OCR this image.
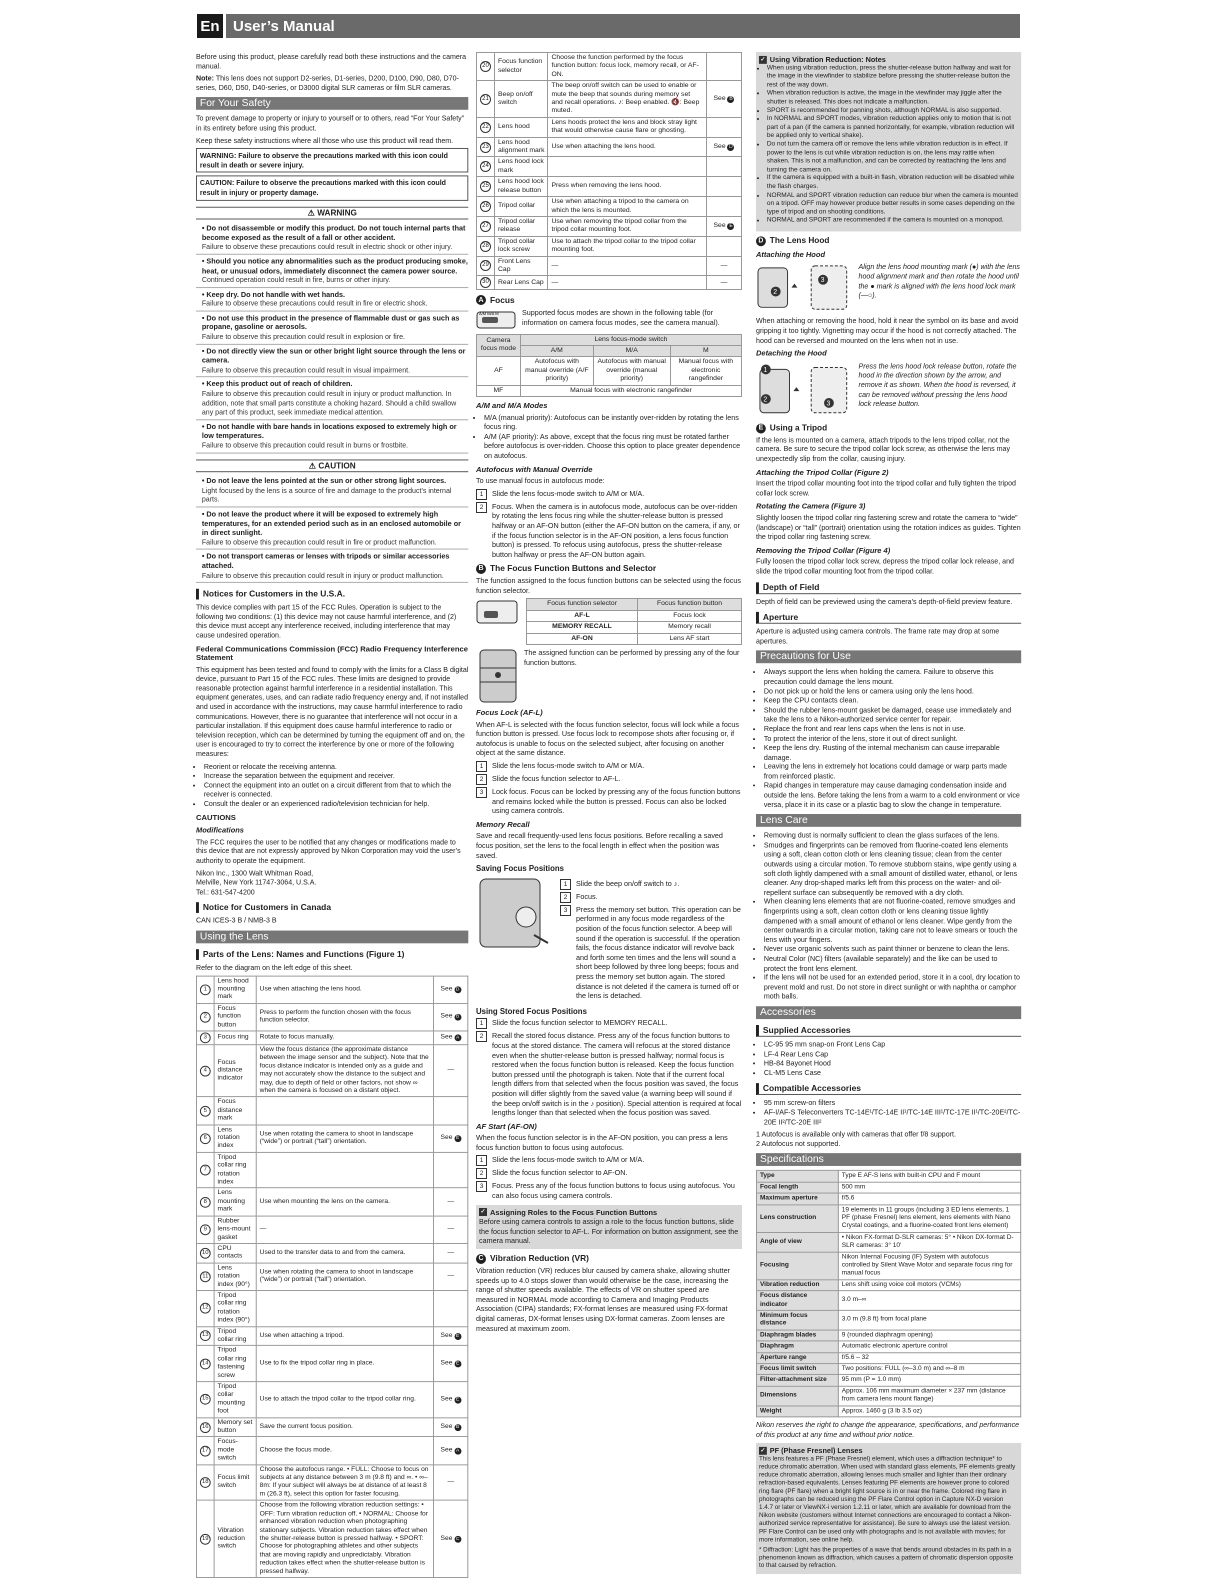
En User’s Manual

Before using this product, please carefully read both these instructions and the camera manual.

Note: This lens does not support D2-series, D1-series, D200, D100, D90, D80, D70-series, D60, D50, D40-series, or D3000 digital SLR cameras or film SLR cameras.

For Your Safety

To prevent damage to property or injury to yourself or to others, read “For Your Safety” in its entirety before using this product.

Keep these safety instructions where all those who use this product will read them.

WARNING: Failure to observe the precautions marked with this icon could result in death or severe injury.
CAUTION: Failure to observe the precautions marked with this icon could result in injury or property damage.
⚠ WARNING
• Do not disassemble or modify this product. Do not touch internal parts that become exposed as the result of a fall or other accident.
Failure to observe these precautions could result in electric shock or other injury.
• Should you notice any abnormalities such as the product producing smoke, heat, or unusual odors, immediately disconnect the camera power source.
Continued operation could result in fire, burns or other injury.
• Keep dry. Do not handle with wet hands.
Failure to observe these precautions could result in fire or electric shock.
• Do not use this product in the presence of flammable dust or gas such as propane, gasoline or aerosols.
Failure to observe this precaution could result in explosion or fire.
• Do not directly view the sun or other bright light source through the lens or camera.
Failure to observe this precaution could result in visual impairment.
• Keep this product out of reach of children.
Failure to observe this precaution could result in injury or product malfunction. In addition, note that small parts constitute a choking hazard. Should a child swallow any part of this product, seek immediate medical attention.
• Do not handle with bare hands in locations exposed to extremely high or low temperatures.
Failure to observe this precaution could result in burns or frostbite.
⚠ CAUTION
• Do not leave the lens pointed at the sun or other strong light sources.
Light focused by the lens is a source of fire and damage to the product’s internal parts.
• Do not leave the product where it will be exposed to extremely high temperatures, for an extended period such as in an enclosed automobile or in direct sunlight.
Failure to observe this precaution could result in fire or product malfunction.
• Do not transport cameras or lenses with tripods or similar accessories attached.
Failure to observe this precaution could result in injury or product malfunction.
Notices for Customers in the U.S.A.

This device complies with part 15 of the FCC Rules. Operation is subject to the following two conditions: (1) this device may not cause harmful interference, and (2) this device must accept any interference received, including interference that may cause undesired operation.

Federal Communications Commission (FCC) Radio Frequency Interference Statement

This equipment has been tested and found to comply with the limits for a Class B digital device, pursuant to Part 15 of the FCC rules. These limits are designed to provide reasonable protection against harmful interference in a residential installation. This equipment generates, uses, and can radiate radio frequency energy and, if not installed and used in accordance with the instructions, may cause harmful interference to radio communications. However, there is no guarantee that interference will not occur in a particular installation. If this equipment does cause harmful interference to radio or television reception, which can be determined by turning the equipment off and on, the user is encouraged to try to correct the interference by one or more of the following measures:

• Reorient or relocate the receiving antenna.
• Increase the separation between the equipment and receiver.
• Connect the equipment into an outlet on a circuit different from that to which the receiver is connected.
• Consult the dealer or an experienced radio/television technician for help.
CAUTIONS
Modifications

The FCC requires the user to be notified that any changes or modifications made to this device that are not expressly approved by Nikon Corporation may void the user’s authority to operate the equipment.

Nikon Inc., 1300 Walt Whitman Road,
Melville, New York 11747-3064, U.S.A.
Tel.: 631-547-4200

Notice for Customers in Canada

CAN ICES-3 B / NMB-3 B

Using the Lens
Parts of the Lens: Names and Functions (Figure 1)

Refer to the diagram on the left edge of this sheet.

1	Lens hood mounting mark	Use when attaching the lens hood.	See D
2	Focus function button	Press to perform the function chosen with the focus function selector.	See B
3	Focus ring	Rotate to focus manually.	See A
4	Focus distance indicator	View the focus distance (the approximate distance between the image sensor and the subject). Note that the focus distance indicator is intended only as a guide and may not accurately show the distance to the subject and may, due to depth of field or other factors, not show ∞ when the camera is focused on a distant object.	—
5	Focus distance mark		
6	Lens rotation index	Use when rotating the camera to shoot in landscape (“wide”) or portrait (“tall”) orientation.	See E
7	Tripod collar ring rotation index		
8	Lens mounting mark	Use when mounting the lens on the camera.	—
9	Rubber lens-mount gasket	—	—
10	CPU contacts	Used to the transfer data to and from the camera.	—
11	Lens rotation index (90°)	Use when rotating the camera to shoot in landscape (“wide”) or portrait (“tall”) orientation.	—
12	Tripod collar ring rotation index (90°)		
13	Tripod collar ring	Use when attaching a tripod.	See E
14	Tripod collar ring fastening screw	Use to fix the tripod collar ring in place.	See E
15	Tripod collar mounting foot	Use to attach the tripod collar to the tripod collar ring.	See E
16	Memory set button	Save the current focus position.	See B
17	Focus-mode switch	Choose the focus mode.	See A
18	Focus limit switch	Choose the autofocus range. • FULL: Choose to focus on subjects at any distance between 3 m (9.8 ft) and ∞. • ∞–8m: If your subject will always be at distance of at least 8 m (26.3 ft), select this option for faster focusing.	—
19	Vibration reduction switch	Choose from the following vibration reduction settings: • OFF: Turn vibration reduction off. • NORMAL: Choose for enhanced vibration reduction when photographing stationary subjects. Vibration reduction takes effect when the shutter-release button is pressed halfway. • SPORT: Choose for photographing athletes and other subjects that are moving rapidly and unpredictably. Vibration reduction takes effect when the shutter-release button is pressed halfway.	See C
20	Focus function selector	Choose the function performed by the focus function button: focus lock, memory recall, or AF-ON.	
21	Beep on/off switch	The beep on/off switch can be used to enable or mute the beep that sounds during memory set and recall operations. ♪: Beep enabled. 🔇: Beep muted.	See B
22	Lens hood	Lens hoods protect the lens and block stray light that would otherwise cause flare or ghosting.	
23	Lens hood alignment mark	Use when attaching the lens hood.	See D
24	Lens hood lock mark		
25	Lens hood lock release button	Press when removing the lens hood.	
26	Tripod collar	Use when attaching a tripod to the camera on which the lens is mounted.	
27	Tripod collar release	Use when removing the tripod collar from the tripod collar mounting foot.	See E
28	Tripod collar lock screw	Use to attach the tripod collar to the tripod collar mounting foot.	
29	Front Lens Cap	—	—
30	Rear Lens Cap	—	—
A Focus
A/M M/A M	Supported focus modes are shown in the following table (for information on camera focus modes, see the camera manual).

Camera focus mode	Lens focus-mode switch		
	A/M	M/A	M
AF	Autofocus with manual override (A/F priority)	Autofocus with manual override (manual priority)	Manual focus with electronic rangefinder
MF	Manual focus with electronic rangefinder		
A/M and M/A Modes
• M/A (manual priority): Autofocus can be instantly over-ridden by rotating the lens focus ring.
• A/M (AF priority): As above, except that the focus ring must be rotated farther before autofocus is over-ridden. Choose this option to place greater dependence on autofocus.
Autofocus with Manual Override

To use manual focus in autofocus mode:

1	Slide the lens focus-mode switch to A/M or M/A.
2	Focus. When the camera is in autofocus mode, autofocus can be over-ridden by rotating the lens focus ring while the shutter-release button is pressed halfway or an AF-ON button (either the AF-ON button on the camera, if any, or if the focus function selector is in the AF-ON position, a lens focus function button) is pressed. To refocus using autofocus, press the shutter-release button halfway or press the AF-ON button again.
B The Focus Function Buttons and Selector

The function assigned to the focus function buttons can be selected using the focus function selector.

Focus function selector	Focus function button
AF-L	Focus lock
MEMORY RECALL	Memory recall
AF-ON	Lens AF start

The assigned function can be performed by pressing any of the four function buttons.

Focus Lock (AF-L)

When AF-L is selected with the focus function selector, focus will lock while a focus function button is pressed. Use focus lock to recompose shots after focusing or, if autofocus is unable to focus on the selected subject, after focusing on another object at the same distance.

1	Slide the lens focus-mode switch to A/M or M/A.
2	Slide the focus function selector to AF-L.
3	Lock focus. Focus can be locked by pressing any of the focus function buttons and remains locked while the button is pressed. Focus can also be locked using camera controls.
Memory Recall

Save and recall frequently-used lens focus positions. Before recalling a saved focus position, set the lens to the focal length in effect when the position was saved.

Saving Focus Positions
1	Slide the beep on/off switch to ♪.
2	Focus.
3	Press the memory set button. This operation can be performed in any focus mode regardless of the position of the focus function selector. A beep will sound if the operation is successful. If the operation fails, the focus distance indicator will revolve back and forth some ten times and the lens will sound a short beep followed by three long beeps; focus and press the memory set button again. The stored distance is not deleted if the camera is turned off or the lens is detached.
Using Stored Focus Positions
1	Slide the focus function selector to MEMORY RECALL.
2	Recall the stored focus distance. Press any of the focus function buttons to focus at the stored distance. The camera will refocus at the stored distance even when the shutter-release button is pressed halfway; normal focus is restored when the focus function button is released. Keep the focus function button pressed until the photograph is taken. Note that if the current focal length differs from that selected when the focus position was saved, the focus position will differ slightly from the saved value (a warning beep will sound if the beep on/off switch is in the ♪ position). Special attention is required at focal lengths longer than that selected when the focus position was saved.
AF Start (AF-ON)

When the focus function selector is in the AF-ON position, you can press a lens focus function button to focus using autofocus.

1	Slide the lens focus-mode switch to A/M or M/A.
2	Slide the focus function selector to AF-ON.
3	Focus. Press any of the focus function buttons to focus using autofocus. You can also focus using camera controls.
✓ Assigning Roles to the Focus Function Buttons
Before using camera controls to assign a role to the focus function buttons, slide the focus function selector to AF-L. For information on button assignment, see the camera manual.
C Vibration Reduction (VR)

Vibration reduction (VR) reduces blur caused by camera shake, allowing shutter speeds up to 4.0 stops slower than would otherwise be the case, increasing the range of shutter speeds available. The effects of VR on shutter speed are measured in NORMAL mode according to Camera and Imaging Products Association (CIPA) standards; FX-format lenses are measured using FX-format digital cameras, DX-format lenses using DX-format cameras. Zoom lenses are measured at maximum zoom.

✓ Using Vibration Reduction: Notes
• When using vibration reduction, press the shutter-release button halfway and wait for the image in the viewfinder to stabilize before pressing the shutter-release button the rest of the way down.
• When vibration reduction is active, the image in the viewfinder may jiggle after the shutter is released. This does not indicate a malfunction.
• SPORT is recommended for panning shots, although NORMAL is also supported.
• In NORMAL and SPORT modes, vibration reduction applies only to motion that is not part of a pan (if the camera is panned horizontally, for example, vibration reduction will be applied only to vertical shake).
• Do not turn the camera off or remove the lens while vibration reduction is in effect. If power to the lens is cut while vibration reduction is on, the lens may rattle when shaken. This is not a malfunction, and can be corrected by reattaching the lens and turning the camera on.
• If the camera is equipped with a built-in flash, vibration reduction will be disabled while the flash charges.
• NORMAL and SPORT vibration reduction can reduce blur when the camera is mounted on a tripod. OFF may however produce better results in some cases depending on the type of tripod and on shooting conditions.
• NORMAL and SPORT are recommended if the camera is mounted on a monopod.
D The Lens Hood
Attaching the Hood
2
3

Align the lens hood mounting mark (●) with the lens hood alignment mark and then rotate the hood until the ● mark is aligned with the lens hood lock mark (—○).

When attaching or removing the hood, hold it near the symbol on its base and avoid gripping it too tightly. Vignetting may occur if the hood is not correctly attached. The hood can be reversed and mounted on the lens when not in use.

Detaching the Hood
1
2
3

Press the lens hood lock release button, rotate the hood in the direction shown by the arrow, and remove it as shown. When the hood is reversed, it can be removed without pressing the lens hood lock release button.

E Using a Tripod

If the lens is mounted on a camera, attach tripods to the lens tripod collar, not the camera. Be sure to secure the tripod collar lock screw, as otherwise the lens may unexpectedly slip from the collar, causing injury.

Attaching the Tripod Collar (Figure 2)

Insert the tripod collar mounting foot into the tripod collar and fully tighten the tripod collar lock screw.

Rotating the Camera (Figure 3)

Slightly loosen the tripod collar ring fastening screw and rotate the camera to “wide” (landscape) or “tall” (portrait) orientation using the rotation indices as guides. Tighten the tripod collar ring fastening screw.

Removing the Tripod Collar (Figure 4)

Fully loosen the tripod collar lock screw, depress the tripod collar lock release, and slide the tripod collar mounting foot from the tripod collar.

Depth of Field

Depth of field can be previewed using the camera’s depth-of-field preview feature.

Aperture

Aperture is adjusted using camera controls. The frame rate may drop at some apertures.

Precautions for Use
• Always support the lens when holding the camera. Failure to observe this precaution could damage the lens mount.
• Do not pick up or hold the lens or camera using only the lens hood.
• Keep the CPU contacts clean.
• Should the rubber lens-mount gasket be damaged, cease use immediately and take the lens to a Nikon-authorized service center for repair.
• Replace the front and rear lens caps when the lens is not in use.
• To protect the interior of the lens, store it out of direct sunlight.
• Keep the lens dry. Rusting of the internal mechanism can cause irreparable damage.
• Leaving the lens in extremely hot locations could damage or warp parts made from reinforced plastic.
• Rapid changes in temperature may cause damaging condensation inside and outside the lens. Before taking the lens from a warm to a cold environment or vice versa, place it in its case or a plastic bag to slow the change in temperature.
Lens Care
• Removing dust is normally sufficient to clean the glass surfaces of the lens.
• Smudges and fingerprints can be removed from fluorine-coated lens elements using a soft, clean cotton cloth or lens cleaning tissue; clean from the center outwards using a circular motion. To remove stubborn stains, wipe gently using a soft cloth lightly dampened with a small amount of distilled water, ethanol, or lens cleaner. Any drop-shaped marks left from this process on the water- and oil-repellent surface can subsequently be removed with a dry cloth.
• When cleaning lens elements that are not fluorine-coated, remove smudges and fingerprints using a soft, clean cotton cloth or lens cleaning tissue lightly dampened with a small amount of ethanol or lens cleaner. Wipe gently from the center outwards in a circular motion, taking care not to leave smears or touch the lens with your fingers.
• Never use organic solvents such as paint thinner or benzene to clean the lens.
• Neutral Color (NC) filters (available separately) and the like can be used to protect the front lens element.
• If the lens will not be used for an extended period, store it in a cool, dry location to prevent mold and rust. Do not store in direct sunlight or with naphtha or camphor moth balls.
Accessories
Supplied Accessories
• LC-95 95 mm snap-on Front Lens Cap
• LF-4 Rear Lens Cap
• HB-84 Bayonet Hood
• CL-M5 Lens Case
Compatible Accessories
• 95 mm screw-on filters
• AF-I/AF-S Teleconverters TC-14E¹/TC-14E II¹/TC-14E III¹/TC-17E II¹/TC-20E²/TC-20E II²/TC-20E III²

1 Autofocus is available only with cameras that offer f/8 support.

2 Autofocus not supported.

Specifications
Type	Type E AF-S lens with built-in CPU and F mount
Focal length	500 mm
Maximum aperture	f/5.6
Lens construction	19 elements in 11 groups (including 3 ED lens elements, 1 PF (phase Fresnel) lens element, lens elements with Nano Crystal coatings, and a fluorine-coated front lens element)
Angle of view	• Nikon FX-format D-SLR cameras: 5° • Nikon DX-format D-SLR cameras: 3° 10′
Focusing	Nikon Internal Focusing (IF) System with autofocus controlled by Silent Wave Motor and separate focus ring for manual focus
Vibration reduction	Lens shift using voice coil motors (VCMs)
Focus distance indicator	3.0 m–∞
Minimum focus distance	3.0 m (9.8 ft) from focal plane
Diaphragm blades	9 (rounded diaphragm opening)
Diaphragm	Automatic electronic aperture control
Aperture range	f/5.6 – 32
Focus limit switch	Two positions: FULL (∞–3.0 m) and ∞–8 m
Filter-attachment size	95 mm (P = 1.0 mm)
Dimensions	Approx. 106 mm maximum diameter × 237 mm (distance from camera lens mount flange)
Weight	Approx. 1460 g (3 lb 3.5 oz)

Nikon reserves the right to change the appearance, specifications, and performance of this product at any time and without prior notice.

✓ PF (Phase Fresnel) Lenses
This lens features a PF (Phase Fresnel) element, which uses a diffraction technique* to reduce chromatic aberration. When used with standard glass elements, PF elements greatly reduce chromatic aberration, allowing lenses much smaller and lighter than their ordinary refraction-based equivalents. Lenses featuring PF elements are however prone to colored ring flare (PF flare) when a bright light source is in or near the frame. Colored ring flare in photographs can be reduced using the PF Flare Control option in Capture NX-D version 1.4.7 or later or ViewNX-i version 1.2.11 or later, which are available for download from the Nikon website (customers without Internet connections are encouraged to contact a Nikon-authorized service representative for assistance). Be sure to always use the latest version. PF Flare Control can be used only with photographs and is not available with movies; for more information, see online help.
* Diffraction: Light has the properties of a wave that bends around obstacles in its path in a phenomenon known as diffraction, which causes a pattern of chromatic dispersion opposite to that caused by refraction.
